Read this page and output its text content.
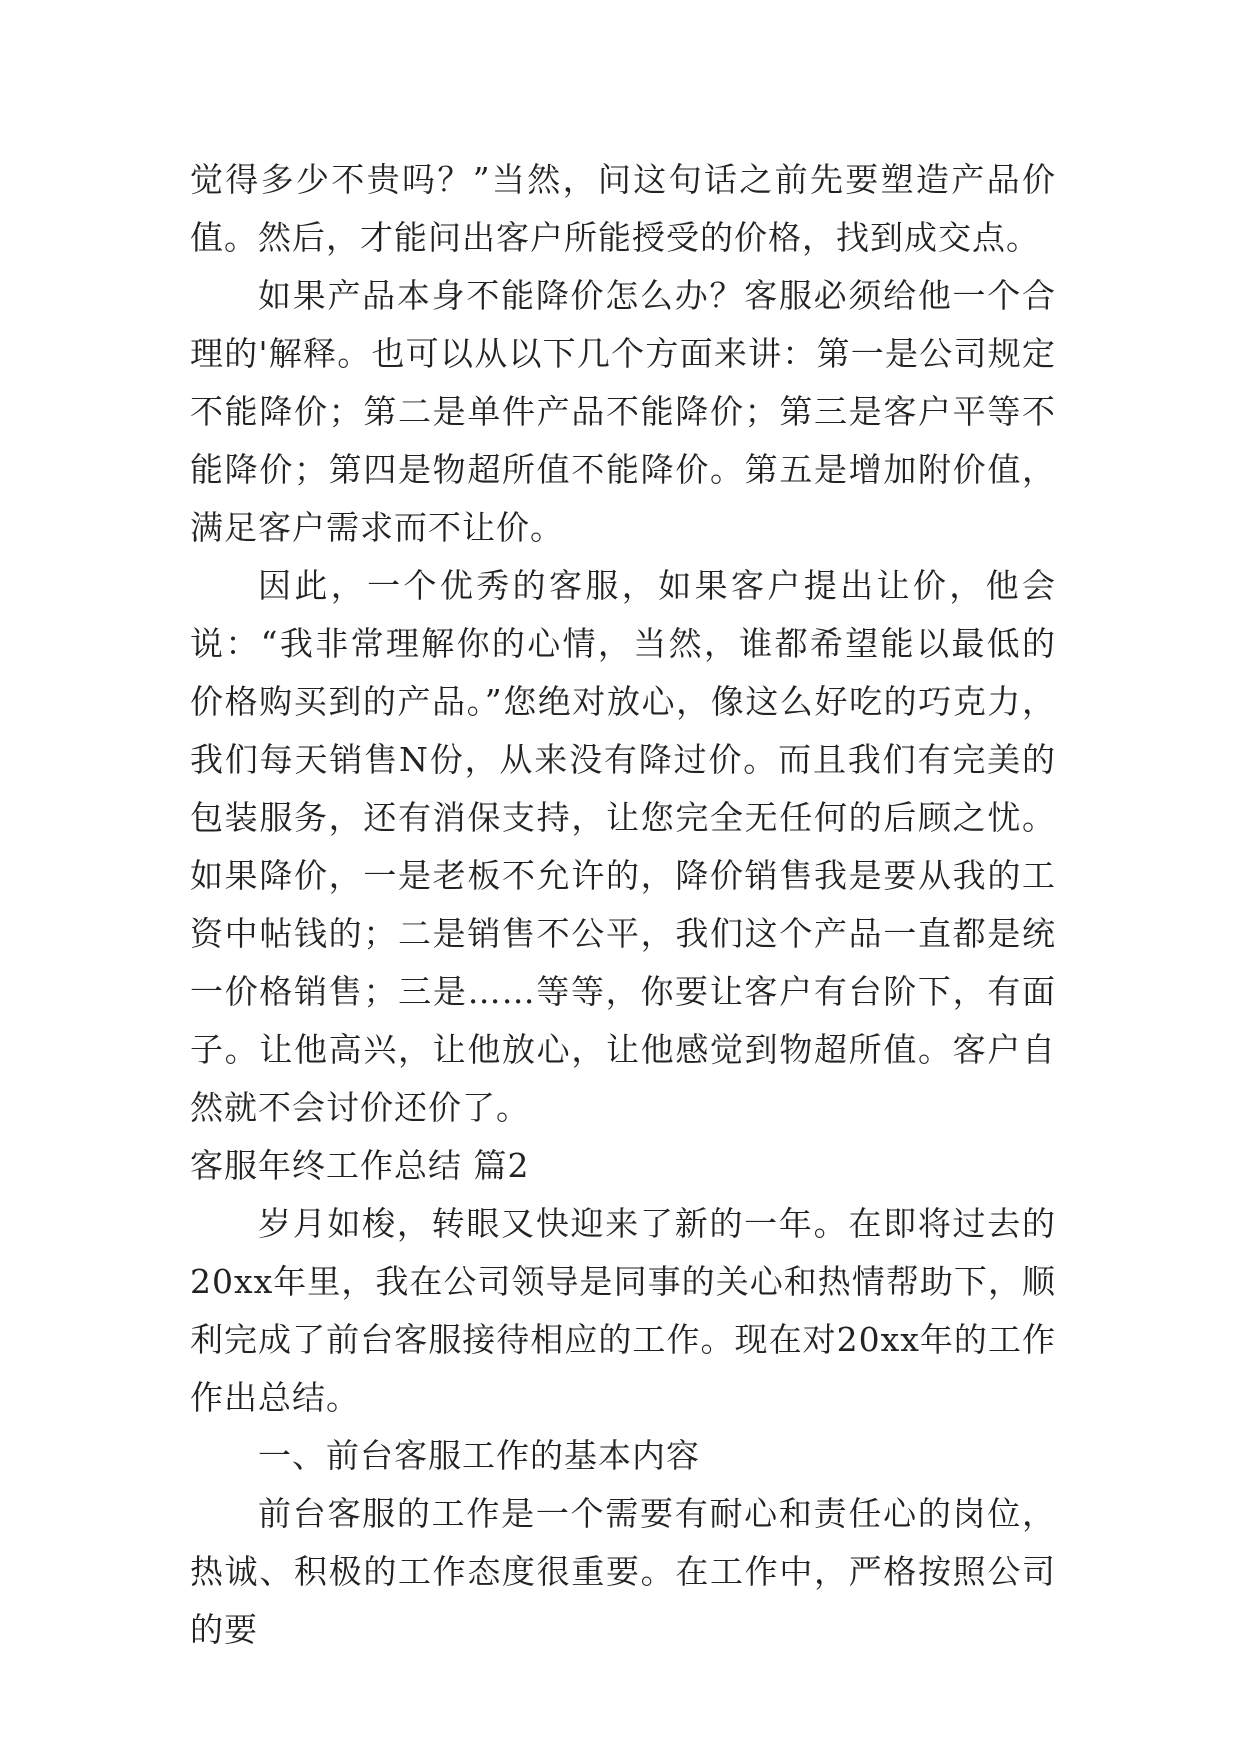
觉得多少不贵吗？”当然，问这句话之前先要塑造产品价值。然后，才能问出客户所能授受的价格，找到成交点。

如果产品本身不能降价怎么办？客服必须给他一个合理的'解释。也可以从以下几个方面来讲：第一是公司规定不能降价；第二是单件产品不能降价；第三是客户平等不能降价；第四是物超所值不能降价。第五是增加附价值，满足客户需求而不让价。

因此，一个优秀的客服，如果客户提出让价，他会说：“我非常理解你的心情，当然，谁都希望能以最低的价格购买到的产品。”您绝对放心，像这么好吃的巧克力，我们每天销售N份，从来没有降过价。而且我们有完美的包装服务，还有消保支持，让您完全无任何的后顾之忧。如果降价，一是老板不允许的，降价销售我是要从我的工资中帖钱的；二是销售不公平，我们这个产品一直都是统一价格销售；三是……等等，你要让客户有台阶下，有面子。让他高兴，让他放心，让他感觉到物超所值。客户自然就不会讨价还价了。

客服年终工作总结 篇2

岁月如梭，转眼又快迎来了新的一年。在即将过去的20xx年里，我在公司领导是同事的关心和热情帮助下，顺利完成了前台客服接待相应的工作。现在对20xx年的工作作出总结。

一、前台客服工作的基本内容

前台客服的工作是一个需要有耐心和责任心的岗位，热诚、积极的工作态度很重要。在工作中，严格按照公司的要
